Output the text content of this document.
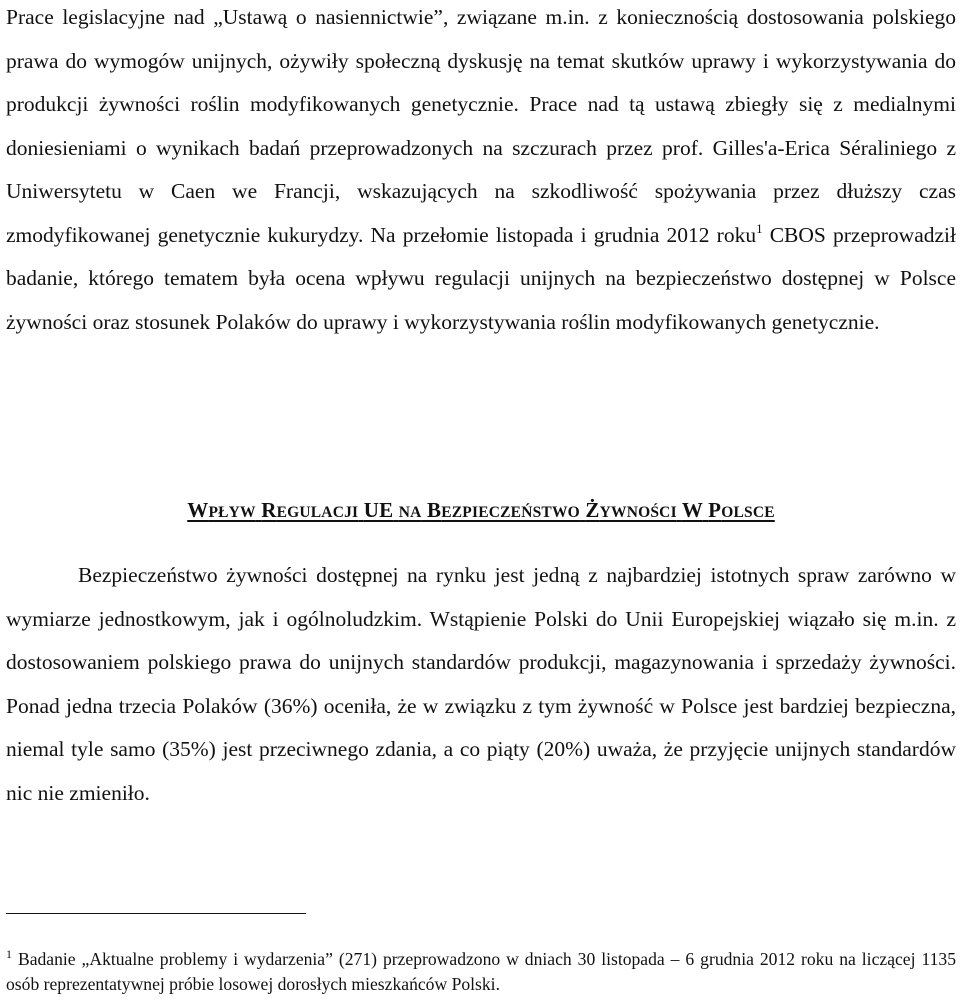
Prace legislacyjne nad „Ustawą o nasiennictwie”, związane m.in. z koniecznością dostosowania polskiego prawa do wymogów unijnych, ożywiły społeczną dyskusję na temat skutków uprawy i wykorzystywania do produkcji żywności roślin modyfikowanych genetycznie. Prace nad tą ustawą zbiegły się z medialnymi doniesieniami o wynikach badań przeprowadzonych na szczurach przez prof. Gilles'a-Erica Séraliniego z Uniwersytetu w Caen we Francji, wskazujących na szkodliwość spożywania przez dłuższy czas zmodyfikowanej genetycznie kukurydzy. Na przełomie listopada i grudnia 2012 roku$^1$ CBOS przeprowadził badanie, którego tematem była ocena wpływu regulacji unijnych na bezpieczeństwo dostępnej w Polsce żywności oraz stosunek Polaków do uprawy i wykorzystywania roślin modyfikowanych genetycznie.

WPŁYW REGULACJI UE NA BEZPIECZEŃSTWO ŻYWNOŚCI W POLSCE

Bezpieczeństwo żywności dostępnej na rynku jest jedną z najbardziej istotnych spraw zarówno w wymiarze jednostkowym, jak i ogólnoludzkim. Wstąpienie Polski do Unii Europejskiej wiązało się m.in. z dostosowaniem polskiego prawa do unijnych standardów produkcji, magazynowania i sprzedaży żywności. Ponad jedna trzecia Polaków (36%) oceniła, że w związku z tym żywność w Polsce jest bardziej bezpieczna, niemal tyle samo (35%) jest przeciwnego zdania, a co piąty (20%) uważa, że przyjęcie unijnych standardów nic nie zmieniło.

$^1$ Badanie „Aktualne problemy i wydarzenia” (271) przeprowadzono w dniach 30 listopada – 6 grudnia 2012 roku na liczącej 1135 osób reprezentatywnej próbie losowej dorosłych mieszkańców Polski.
